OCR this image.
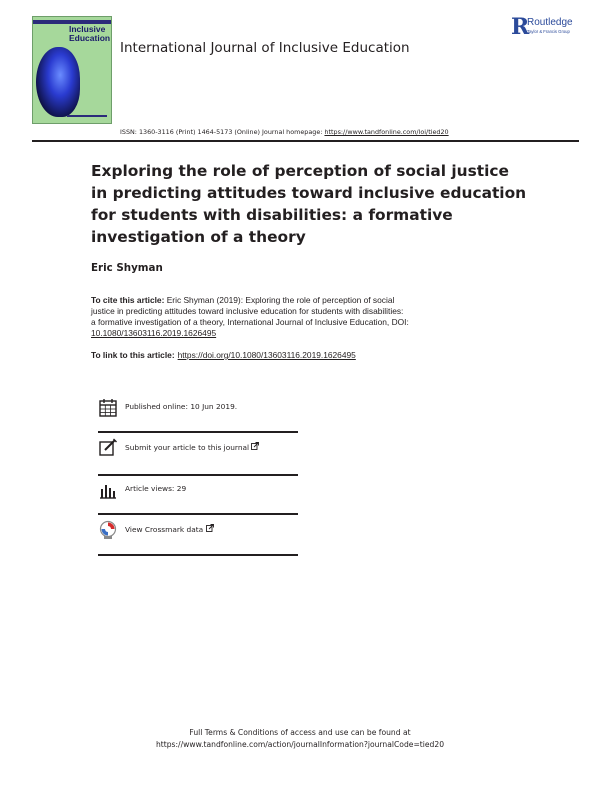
Inclusive
Education
International Journal of Inclusive Education
R
Routledge
Taylor & Francis Group
ISSN: 1360-3116 (Print) 1464-5173 (Online) Journal homepage: https://www.tandfonline.com/loi/tied20
Exploring the role of perception of social justice
in predicting attitudes toward inclusive education
for students with disabilities: a formative
investigation of a theory
Eric Shyman
To cite this article: Eric Shyman (2019): Exploring the role of perception of social
justice in predicting attitudes toward inclusive education for students with disabilities:
a formative investigation of a theory, International Journal of Inclusive Education, DOI:
10.1080/13603116.2019.1626495
To link to this article: https://doi.org/10.1080/13603116.2019.1626495
Published online: 10 Jun 2019.
Submit your article to this journal
Article views: 29
View Crossmark data
Full Terms & Conditions of access and use can be found at
https://www.tandfonline.com/action/journalInformation?journalCode=tied20
